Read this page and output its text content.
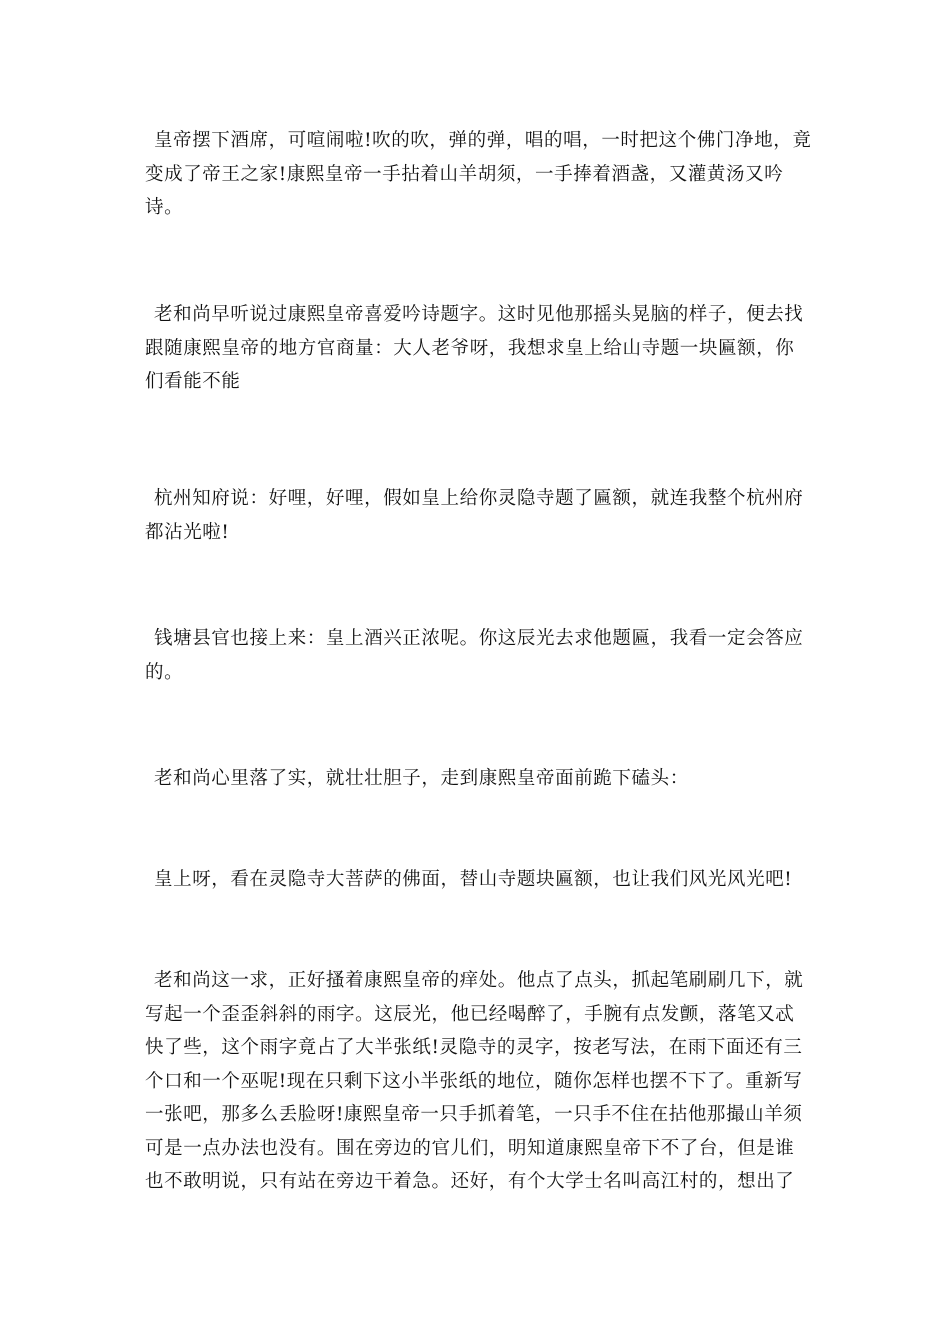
皇帝摆下酒席，可喧闹啦!吹的吹，弹的弹，唱的唱，一时把这个佛门净地，竟变成了帝王之家!康熙皇帝一手拈着山羊胡须，一手捧着酒盏，又灌黄汤又吟诗。

老和尚早听说过康熙皇帝喜爱吟诗题字。这时见他那摇头晃脑的样子，便去找跟随康熙皇帝的地方官商量：大人老爷呀，我想求皇上给山寺题一块匾额，你们看能不能

杭州知府说：好哩，好哩，假如皇上给你灵隐寺题了匾额，就连我整个杭州府都沾光啦!

钱塘县官也接上来：皇上酒兴正浓呢。你这辰光去求他题匾，我看一定会答应的。

老和尚心里落了实，就壮壮胆子，走到康熙皇帝面前跪下磕头：

皇上呀，看在灵隐寺大菩萨的佛面，替山寺题块匾额，也让我们风光风光吧!

老和尚这一求，正好搔着康熙皇帝的痒处。他点了点头，抓起笔刷刷几下，就写起一个歪歪斜斜的雨字。这辰光，他已经喝醉了，手腕有点发颤，落笔又忒快了些，这个雨字竟占了大半张纸!灵隐寺的灵字，按老写法，在雨下面还有三个口和一个巫呢!现在只剩下这小半张纸的地位，随你怎样也摆不下了。重新写一张吧，那多么丢脸呀!康熙皇帝一只手抓着笔，一只手不住在拈他那撮山羊须可是一点办法也没有。围在旁边的官儿们，明知道康熙皇帝下不了台，但是谁也不敢明说，只有站在旁边干着急。还好，有个大学士名叫高江村的，想出了
